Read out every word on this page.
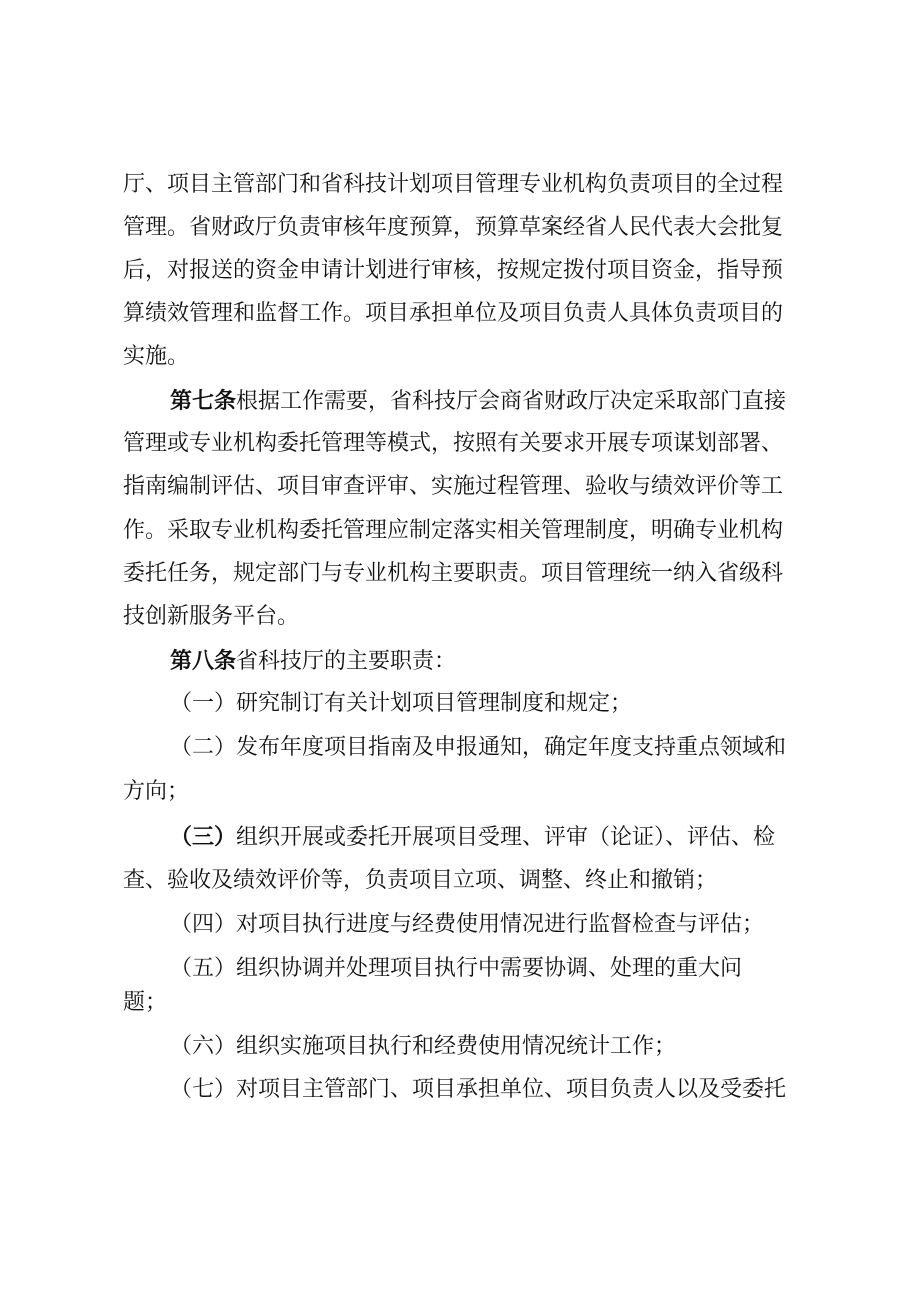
厅、项目主管部门和省科技计划项目管理专业机构负责项目的全过程
管理。省财政厅负责审核年度预算，预算草案经省人民代表大会批复
后，对报送的资金申请计划进行审核，按规定拨付项目资金，指导预
算绩效管理和监督工作。项目承担单位及项目负责人具体负责项目的
实施。
第七条根据工作需要，省科技厅会商省财政厅决定采取部门直接
管理或专业机构委托管理等模式，按照有关要求开展专项谋划部署、
指南编制评估、项目审查评审、实施过程管理、验收与绩效评价等工
作。采取专业机构委托管理应制定落实相关管理制度，明确专业机构
委托任务，规定部门与专业机构主要职责。项目管理统一纳入省级科
技创新服务平台。
第八条省科技厅的主要职责：
（一）研究制订有关计划项目管理制度和规定；
（二）发布年度项目指南及申报通知，确定年度支持重点领域和
方向；
（三）组织开展或委托开展项目受理、评审（论证）、评估、检
查、验收及绩效评价等，负责项目立项、调整、终止和撤销；
（四）对项目执行进度与经费使用情况进行监督检查与评估；
（五）组织协调并处理项目执行中需要协调、处理的重大问
题；
（六）组织实施项目执行和经费使用情况统计工作；
（七）对项目主管部门、项目承担单位、项目负责人以及受委托
